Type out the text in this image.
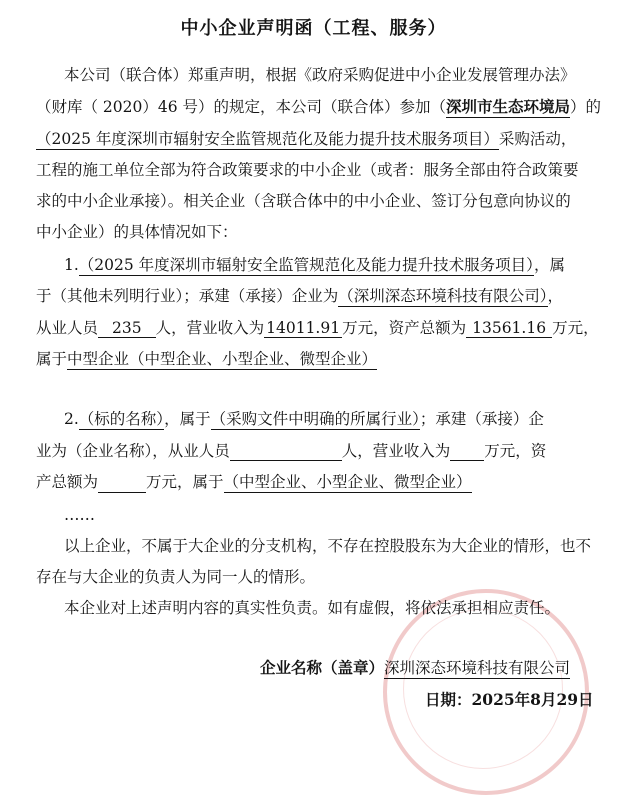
中小企业声明函（工程、服务）
本公司（联合体）郑重声明，根据《政府采购促进中小企业发展管理办法》
（财库（ 2020）46 号）的规定，本公司（联合体）参加（深圳市生态环境局）的
（2025 年度深圳市辐射安全监管规范化及能力提升技术服务项目）采购活动，
工程的施工单位全部为符合政策要求的中小企业（或者：服务全部由符合政策要
求的中小企业承接）。相关企业（含联合体中的中小企业、签订分包意向协议的
中小企业）的具体情况如下：
1.（2025 年度深圳市辐射安全监管规范化及能力提升技术服务项目），属
于（其他未列明行业）；承建（承接）企业为（深圳深态环境科技有限公司），
从业人员 235 人，营业收入为 14011.91 万元，资产总额为 13561.16 万元，
属于中型企业（中型企业、小型企业、微型企业）
2.（标的名称），属于（采购文件中明确的所属行业）；承建（承接）企
业为（企业名称），从业人员	人，营业收入为 万元，资
产总额为	万元，属于（中型企业、小型企业、微型企业）
……
以上企业，不属于大企业的分支机构，不存在控股股东为大企业的情形，也不
存在与大企业的负责人为同一人的情形。
本企业对上述声明内容的真实性负责。如有虚假，将依法承担相应责任。
企业名称（盖章）深圳深态环境科技有限公司
日期：2025年8月29日
